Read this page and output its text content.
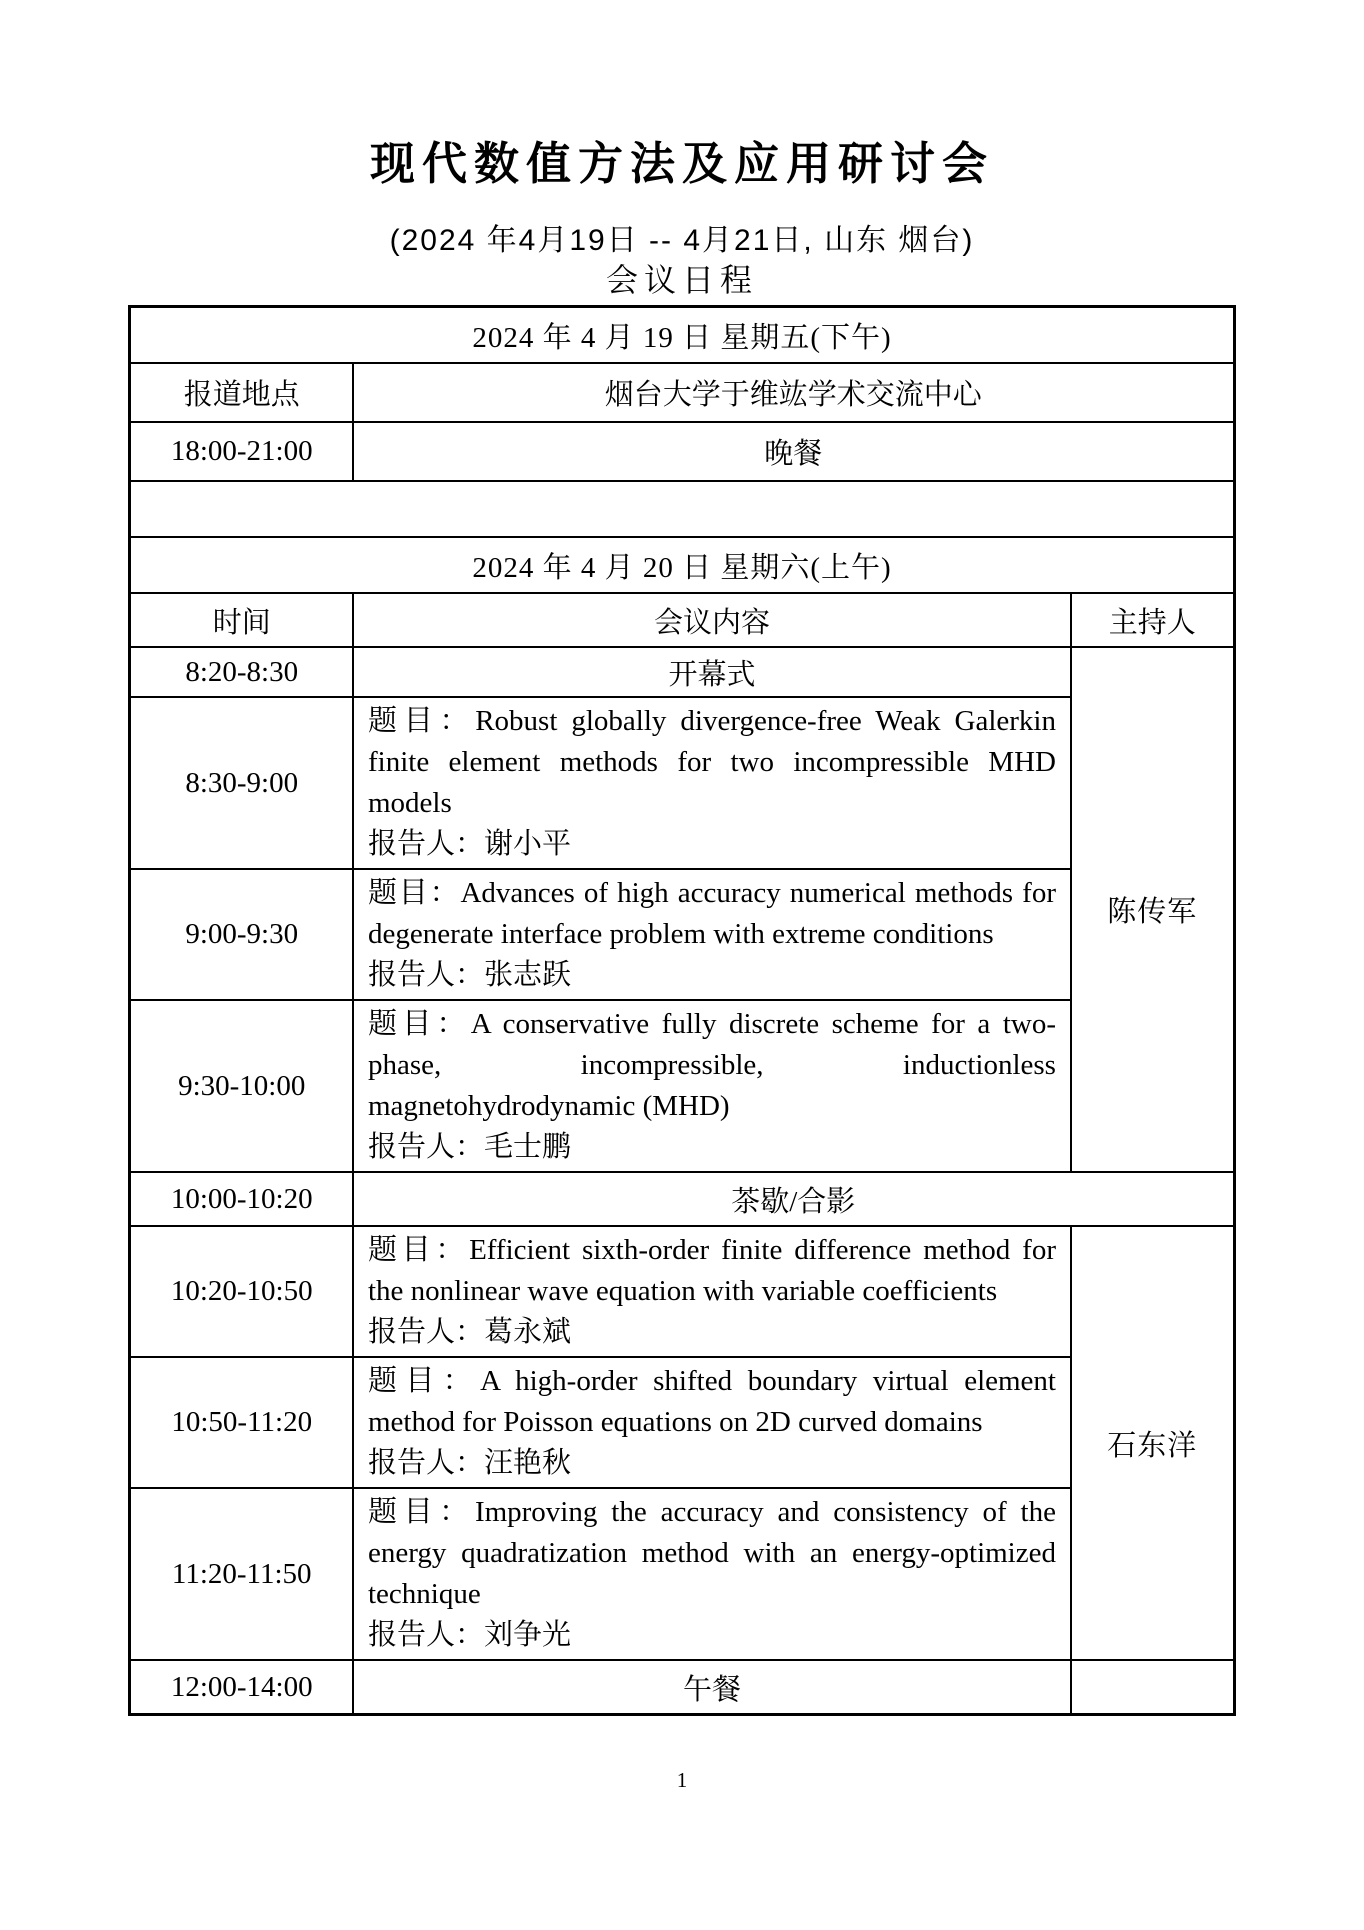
现代数值方法及应用研讨会
(2024 年4月19日 -- 4月21日, 山东 烟台)
会议日程
2024 年 4 月 19 日 星期五(下午)		
报道地点	烟台大学于维竑学术交流中心	
18:00-21:00	晚餐	

2024 年 4 月 20 日 星期六(上午)		
时间	会议内容	主持人
8:20-8:30	开幕式	陈传军
8:30-9:00	题目：Robust globally divergence-free Weak Galerkin finite element methods for two incompressible MHD models
报告人：谢小平	

9:00-9:30	题目：Advances of high accuracy numerical methods for degenerate interface problem with extreme conditions
报告人：张志跃	

9:30-10:00	题目：A conservative fully discrete scheme for a two-phase, incompressible, inductionless magnetohydrodynamic (MHD)
报告人：毛士鹏	

10:00-10:20	茶歇/合影	
10:20-10:50	题目：Efficient sixth-order finite difference method for the nonlinear wave equation with variable coefficients
报告人：葛永斌	石东洋
10:50-11:20	题目：A high-order shifted boundary virtual element method for Poisson equations on 2D curved domains
报告人：汪艳秋	

11:20-11:50	题目：Improving the accuracy and consistency of the energy quadratization method with an energy-optimized technique
报告人：刘争光	

12:00-14:00	午餐	
1
